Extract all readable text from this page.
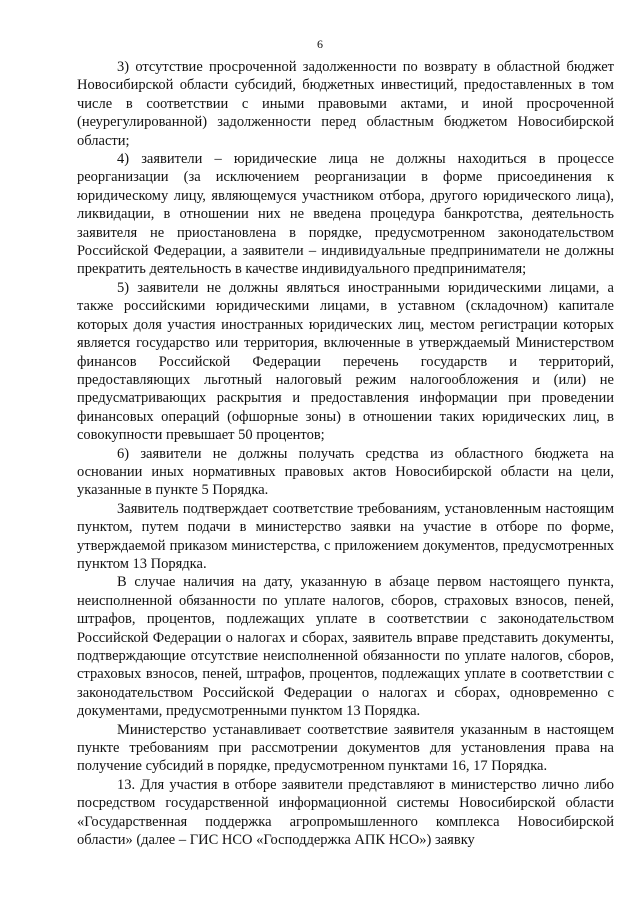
6

3) отсутствие просроченной задолженности по возврату в областной бюджет Новосибирской области субсидий, бюджетных инвестиций, предоставленных в том числе в соответствии с иными правовыми актами, и иной просроченной (неурегулированной) задолженности перед областным бюджетом Новосибирской области;

4) заявители – юридические лица не должны находиться в процессе реорганизации (за исключением реорганизации в форме присоединения к юридическому лицу, являющемуся участником отбора, другого юридического лица), ликвидации, в отношении них не введена процедура банкротства, деятельность заявителя не приостановлена в порядке, предусмотренном законодательством Российской Федерации, а заявители – индивидуальные предприниматели не должны прекратить деятельность в качестве индивидуального предпринимателя;

5) заявители не должны являться иностранными юридическими лицами, а также российскими юридическими лицами, в уставном (складочном) капитале которых доля участия иностранных юридических лиц, местом регистрации которых является государство или территория, включенные в утверждаемый Министерством финансов Российской Федерации перечень государств и территорий, предоставляющих льготный налоговый режим налогообложения и (или) не предусматривающих раскрытия и предоставления информации при проведении финансовых операций (офшорные зоны) в отношении таких юридических лиц, в совокупности превышает 50 процентов;

6) заявители не должны получать средства из областного бюджета на основании иных нормативных правовых актов Новосибирской области на цели, указанные в пункте 5 Порядка.

Заявитель подтверждает соответствие требованиям, установленным настоящим пунктом, путем подачи в министерство заявки на участие в отборе по форме, утверждаемой приказом министерства, с приложением документов, предусмотренных пунктом 13 Порядка.

В случае наличия на дату, указанную в абзаце первом настоящего пункта, неисполненной обязанности по уплате налогов, сборов, страховых взносов, пеней, штрафов, процентов, подлежащих уплате в соответствии с законодательством Российской Федерации о налогах и сборах, заявитель вправе представить документы, подтверждающие отсутствие неисполненной обязанности по уплате налогов, сборов, страховых взносов, пеней, штрафов, процентов, подлежащих уплате в соответствии с законодательством Российской Федерации о налогах и сборах, одновременно с документами, предусмотренными пунктом 13 Порядка.

Министерство устанавливает соответствие заявителя указанным в настоящем пункте требованиям при рассмотрении документов для установления права на получение субсидий в порядке, предусмотренном пунктами 16, 17 Порядка.

13. Для участия в отборе заявители представляют в министерство лично либо посредством государственной информационной системы Новосибирской области «Государственная поддержка агропромышленного комплекса Новосибирской области» (далее – ГИС НСО «Господдержка АПК НСО») заявку
